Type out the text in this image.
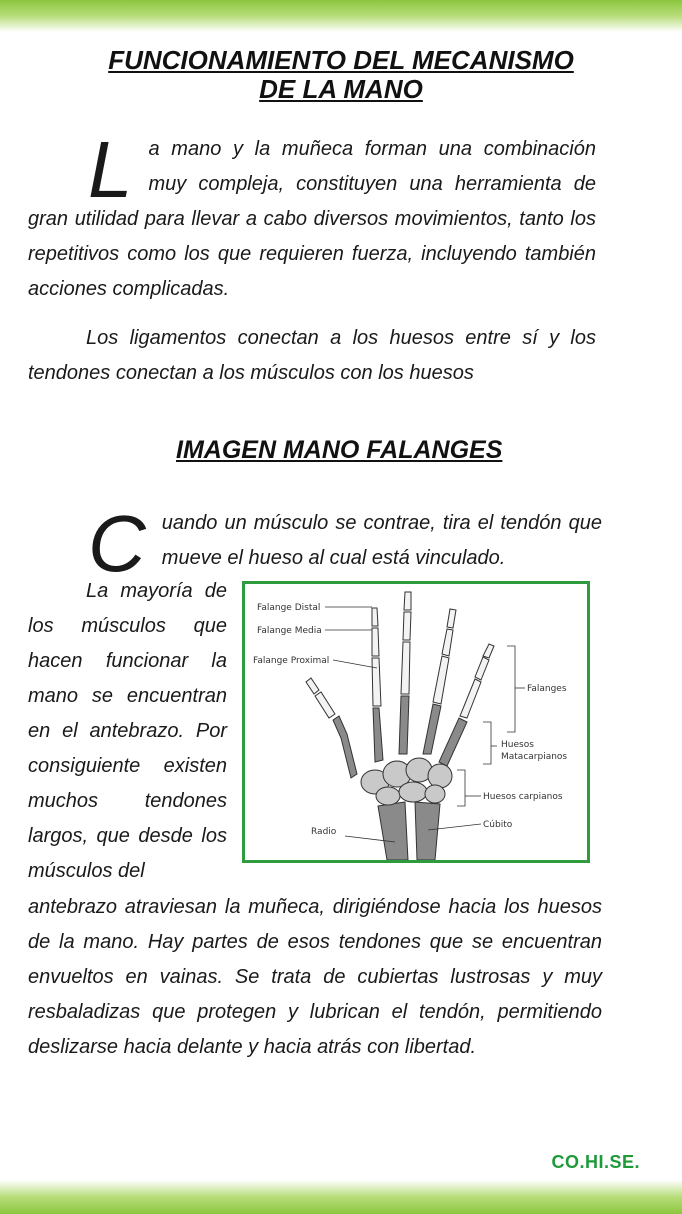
FUNCIONAMIENTO DEL MECANISMO
DE LA MANO
La mano y la muñeca forman una combinación muy compleja, constituyen una herramienta de gran utilidad para llevar a cabo diversos movimientos, tanto los repetitivos como los que requieren fuerza, incluyendo también acciones complicadas.
Los ligamentos conectan a los huesos entre sí y los tendones conectan a los músculos con los huesos
IMAGEN MANO FALANGES
Cuando un músculo se contrae, tira el tendón que mueve el hueso al cual está vinculado.
La mayoría de los músculos que hacen funcionar la mano se encuentran en el antebrazo. Por consiguiente existen muchos tendones largos, que desde los músculos del
antebrazo atraviesan la muñeca, dirigiéndose hacia los huesos de la mano. Hay partes de esos tendones que se encuentran envueltos en vainas. Se trata de cubiertas lustrosas y muy resbaladizas que protegen y lubrican el tendón, permitiendo deslizarse hacia delante y hacia atrás con libertad.
Falange Distal
Falange Media
Falange Proximal
Falanges
Huesos
Matacarpianos
Huesos carpianos
Radio
Cúbito
CO.HI.SE.
